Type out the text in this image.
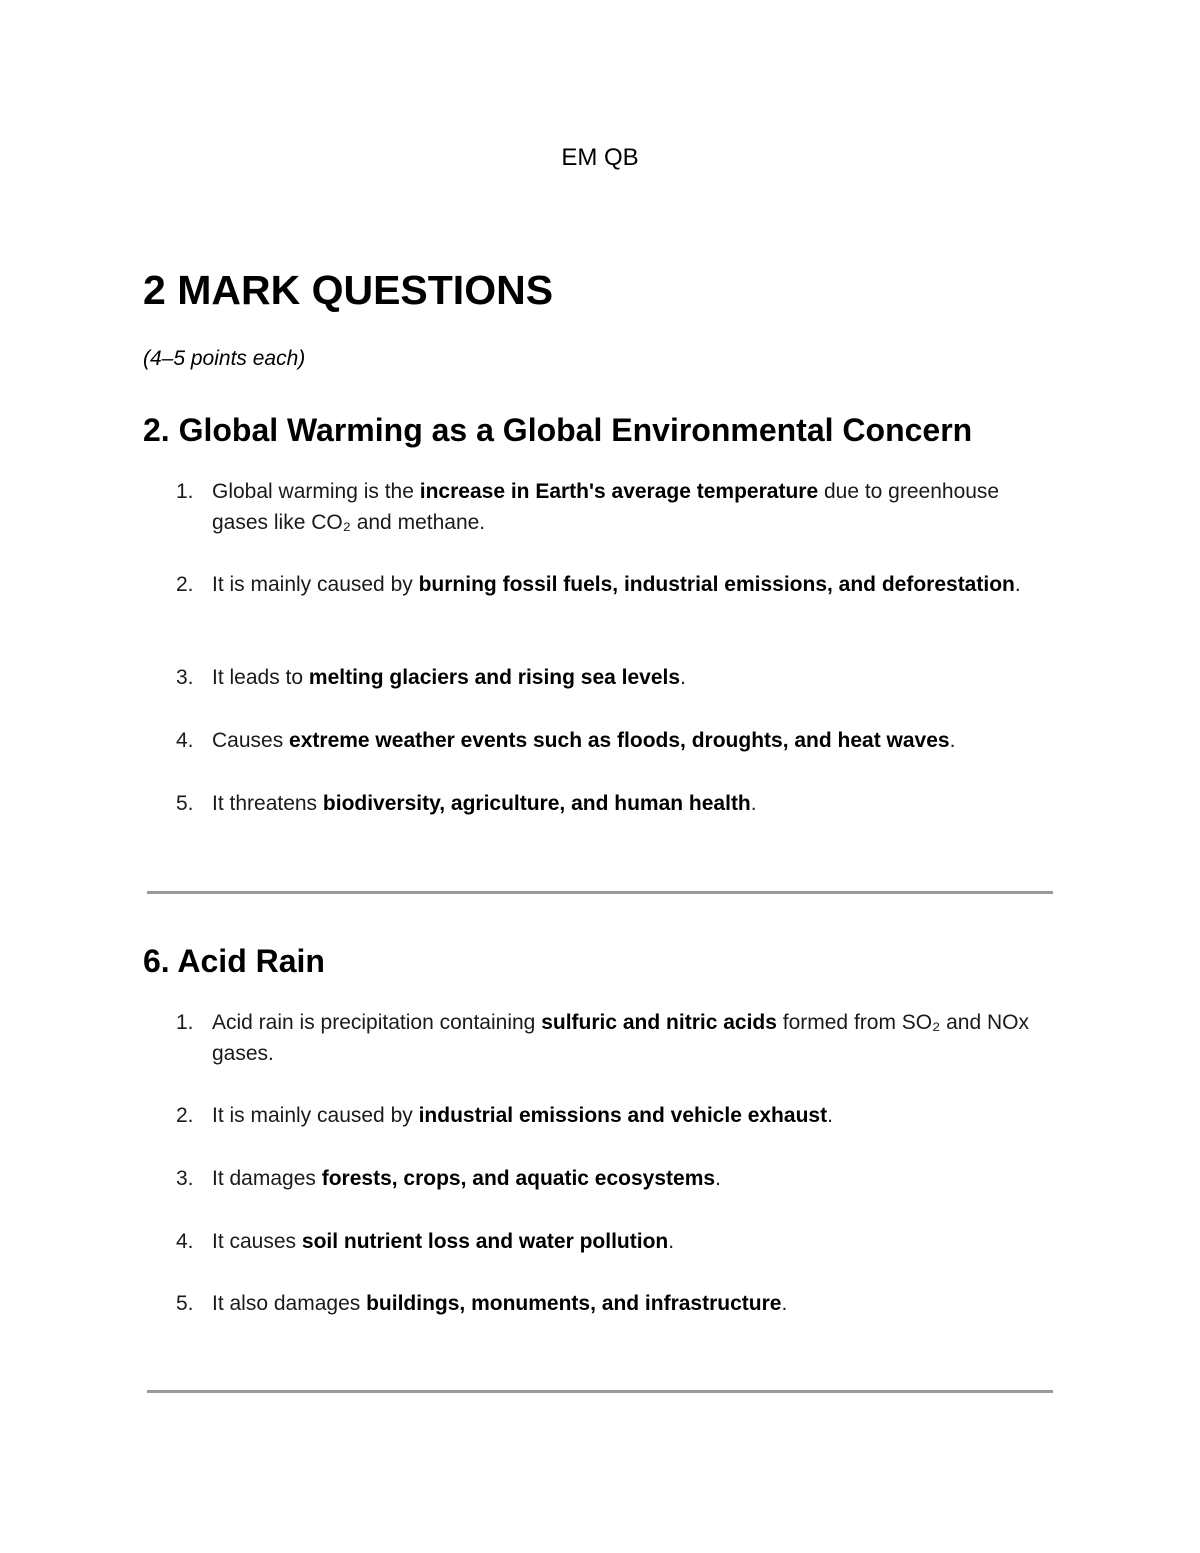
EM QB
2 MARK QUESTIONS

(4–5 points each)

2. Global Warming as a Global Environmental Concern
1. Global warming is the increase in Earth's average temperature due to greenhouse gases like CO₂ and methane.
2. It is mainly caused by burning fossil fuels, industrial emissions, and deforestation.
3. It leads to melting glaciers and rising sea levels.
4. Causes extreme weather events such as floods, droughts, and heat waves.
5. It threatens biodiversity, agriculture, and human health.
6. Acid Rain
1. Acid rain is precipitation containing sulfuric and nitric acids formed from SO₂ and NOx gases.
2. It is mainly caused by industrial emissions and vehicle exhaust.
3. It damages forests, crops, and aquatic ecosystems.
4. It causes soil nutrient loss and water pollution.
5. It also damages buildings, monuments, and infrastructure.
